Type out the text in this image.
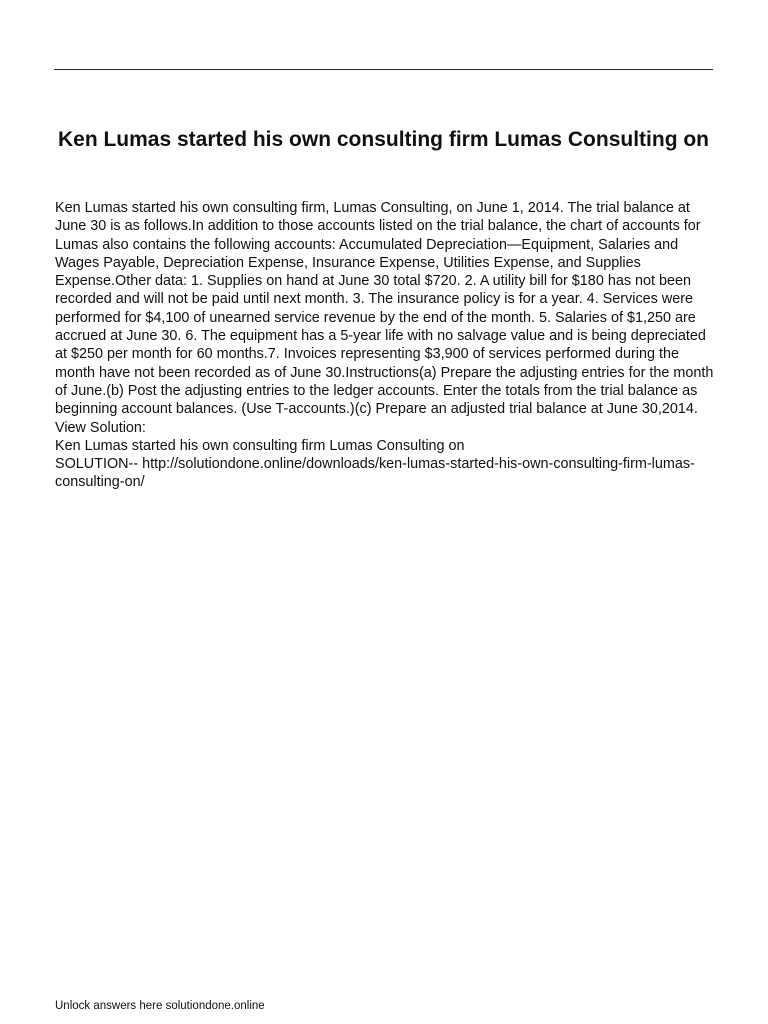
Ken Lumas started his own consulting firm Lumas Consulting on

Ken Lumas started his own consulting firm, Lumas Consulting, on June 1, 2014. The trial balance at June 30 is as follows.In addition to those accounts listed on the trial balance, the chart of accounts for Lumas also contains the following accounts: Accumulated Depreciation—Equipment, Salaries and Wages Payable, Depreciation Expense, Insurance Expense, Utilities Expense, and Supplies Expense.Other data: 1. Supplies on hand at June 30 total $720. 2. A utility bill for $180 has not been recorded and will not be paid until next month. 3. The insurance policy is for a year. 4. Services were performed for $4,100 of unearned service revenue by the end of the month. 5. Salaries of $1,250 are accrued at June 30. 6. The equipment has a 5-year life with no salvage value and is being depreciated at $250 per month for 60 months.7. Invoices representing $3,900 of services performed during the month have not been recorded as of June 30.Instructions(a) Prepare the adjusting entries for the month of June.(b) Post the adjusting entries to the ledger accounts. Enter the totals from the trial balance as beginning account balances. (Use T-accounts.)(c) Prepare an adjusted trial balance at June 30,2014.

View Solution:

Ken Lumas started his own consulting firm Lumas Consulting on

SOLUTION-- http://solutiondone.online/downloads/ken-lumas-started-his-own-consulting-firm-lumas-consulting-on/

Unlock answers here solutiondone.online
